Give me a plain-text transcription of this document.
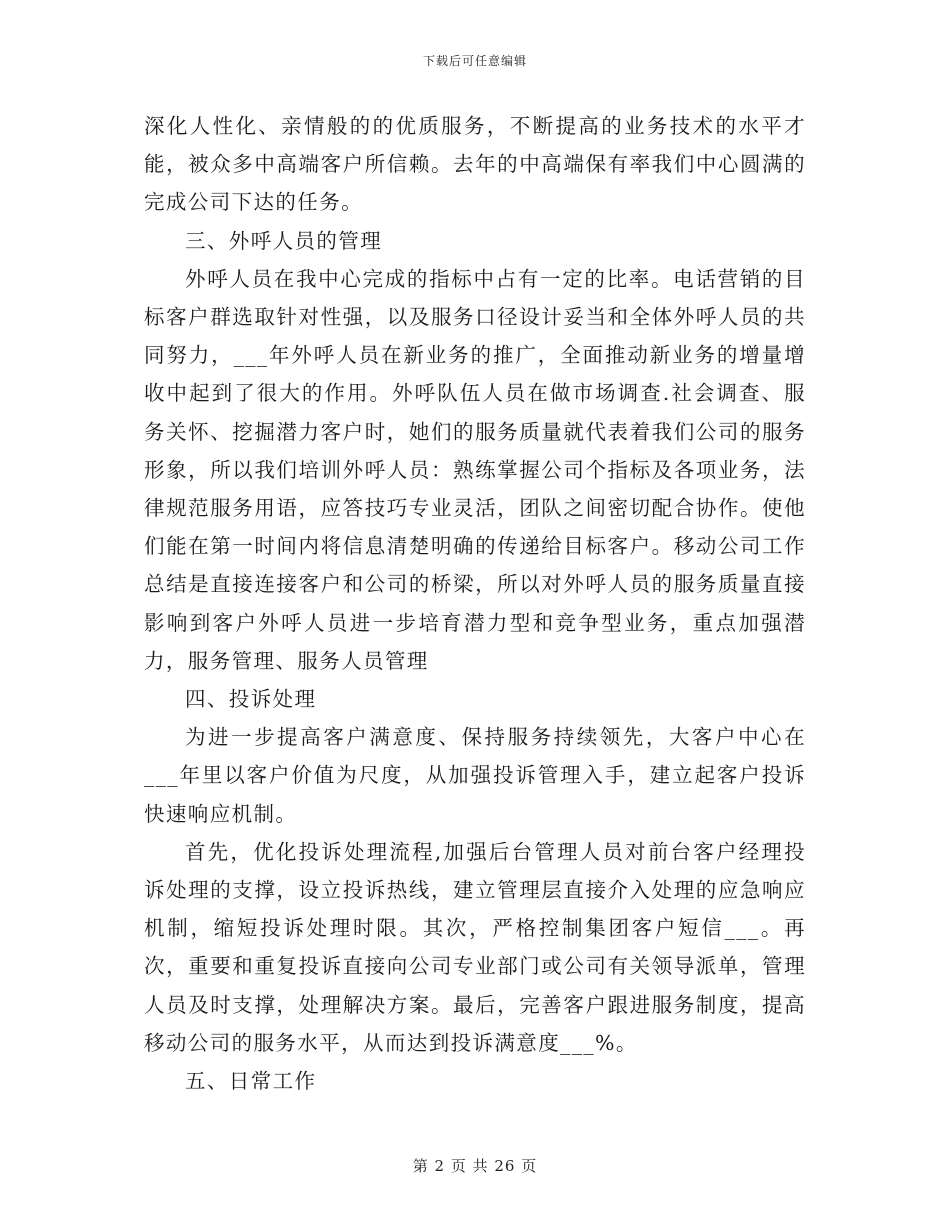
下载后可任意编辑

深化人性化、亲情般的的优质服务，不断提高的业务技术的水平才能，被众多中高端客户所信赖。去年的中高端保有率我们中心圆满的完成公司下达的任务。

三、外呼人员的管理

外呼人员在我中心完成的指标中占有一定的比率。电话营销的目标客户群选取针对性强，以及服务口径设计妥当和全体外呼人员的共同努力，___年外呼人员在新业务的推广，全面推动新业务的增量增收中起到了很大的作用。外呼队伍人员在做市场调查.社会调查、服务关怀、挖掘潜力客户时，她们的服务质量就代表着我们公司的服务形象，所以我们培训外呼人员：熟练掌握公司个指标及各项业务，法律规范服务用语，应答技巧专业灵活，团队之间密切配合协作。使他们能在第一时间内将信息清楚明确的传递给目标客户。移动公司工作总结是直接连接客户和公司的桥梁，所以对外呼人员的服务质量直接影响到客户外呼人员进一步培育潜力型和竞争型业务，重点加强潜力，服务管理、服务人员管理

四、投诉处理

为进一步提高客户满意度、保持服务持续领先，大客户中心在___年里以客户价值为尺度，从加强投诉管理入手，建立起客户投诉快速响应机制。

首先，优化投诉处理流程,加强后台管理人员对前台客户经理投诉处理的支撑，设立投诉热线，建立管理层直接介入处理的应急响应机制，缩短投诉处理时限。其次，严格控制集团客户短信___。再次，重要和重复投诉直接向公司专业部门或公司有关领导派单，管理人员及时支撑，处理解决方案。最后，完善客户跟进服务制度，提高移动公司的服务水平，从而达到投诉满意度___%。

五、日常工作

第 2 页 共 26 页
